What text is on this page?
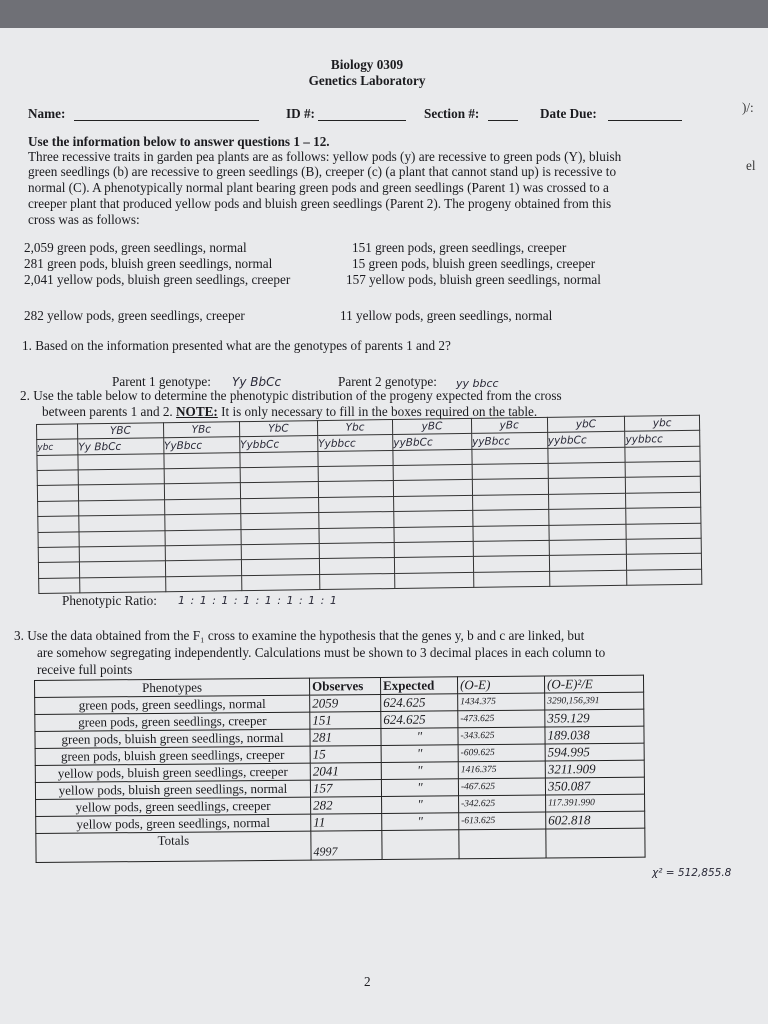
Biology 0309
Genetics Laboratory
Name:	ID #:	Section #:	Date Due:	)/:
Use the information below to answer questions 1 – 12.
Three recessive traits in garden pea plants are as follows: yellow pods (y) are recessive to green pods (Y), bluish
green seedlings (b) are recessive to green seedlings (B), creeper (c) (a plant that cannot stand up) is recessive to
normal (C). A phenotypically normal plant bearing green pods and green seedlings (Parent 1) was crossed to a
creeper plant that produced yellow pods and bluish green seedlings (Parent 2). The progeny obtained from this
cross was as follows:
el
2,059 green pods, green seedlings, normal
281 green pods, bluish green seedlings, normal
2,041 yellow pods, bluish green seedlings, creeper
282 yellow pods, green seedlings, creeper
151 green pods, green seedlings, creeper
15 green pods, bluish green seedlings, creeper
157 yellow pods, bluish green seedlings, normal
11 yellow pods, green seedlings, normal
1. Based on the information presented what are the genotypes of parents 1 and 2?
Parent 1 genotype: Yy BbCc	Parent 2 genotype: yy bbcc
2. Use the table below to determine the phenotypic distribution of the progeny expected from the cross
between parents 1 and 2. NOTE: It is only necessary to fill in the boxes required on the table.
	YBC	YBc	YbC	Ybc	yBC	yBc	ybC	ybc
ybc	Yy BbCc	YyBbcc	YybbCc	Yybbcc	yyBbCc	yyBbcc	yybbCc	yybbcc

Phenotypic Ratio: 1 : 1 : 1 : 1 : 1 : 1 : 1 : 1
3. Use the data obtained from the F₁ cross to examine the hypothesis that the genes y, b and c are linked, but
are somehow segregating independently. Calculations must be shown to 3 decimal places in each column to
receive full points
Phenotypes	Observes	Expected	(O-E)	(O-E)²/E
green pods, green seedlings, normal	2059	624.625	1434.375	3290,156,391
green pods, green seedlings, creeper	151	624.625	-473.625	359.129
green pods, bluish green seedlings, normal	281	"	-343.625	189.038
green pods, bluish green seedlings, creeper	15	"	-609.625	594.995
yellow pods, bluish green seedlings, creeper	2041	"	1416.375	3211.909
yellow pods, bluish green seedlings, normal	157	"	-467.625	350.087
yellow pods, green seedlings, creeper	282	"	-342.625	117.391.990
yellow pods, green seedlings, normal	11	"	-613.625	602.818
Totals	4997			
χ² = 512,855.8
2
